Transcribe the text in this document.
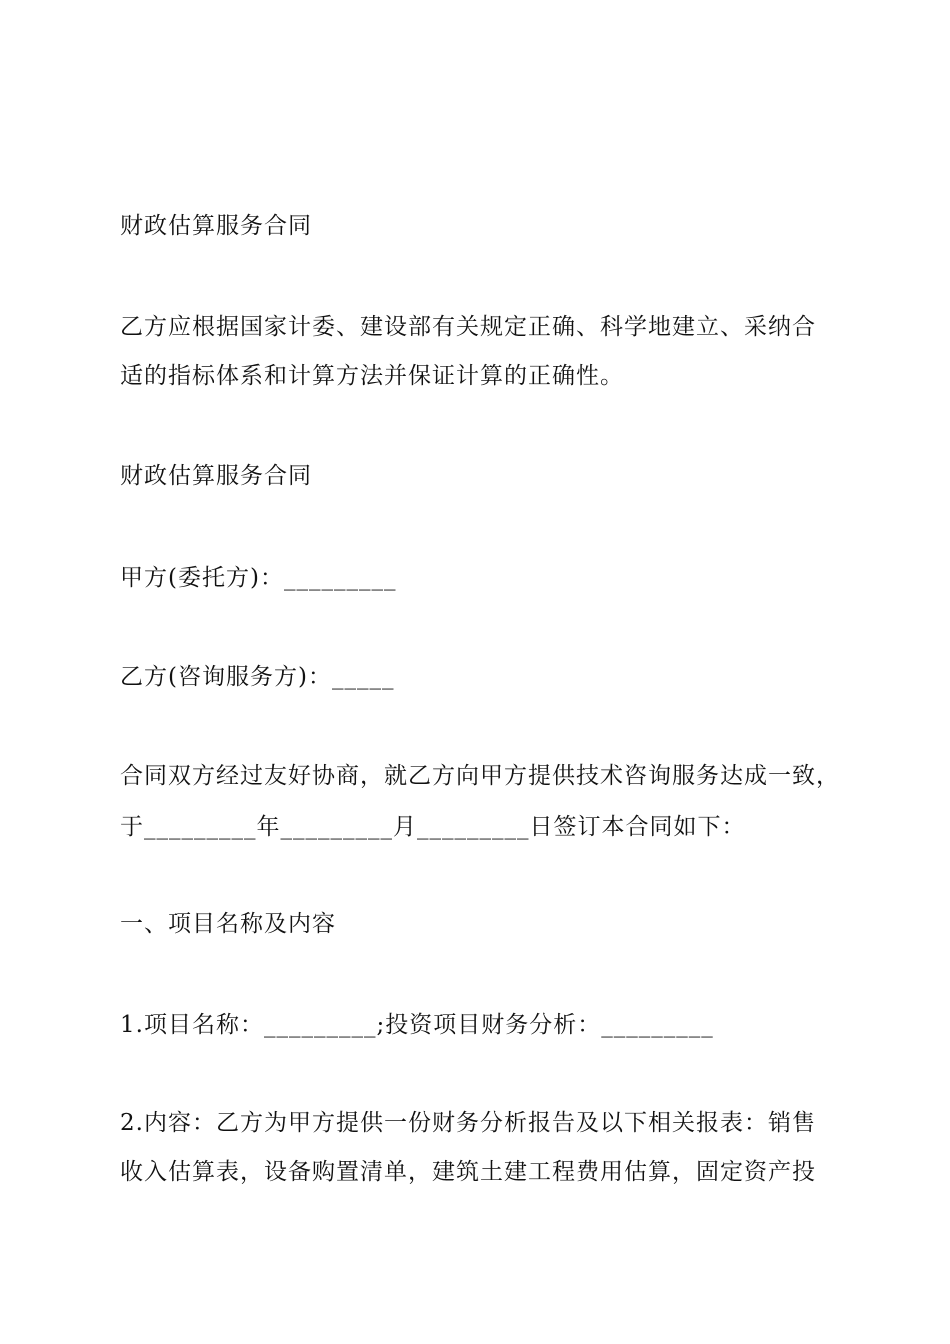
财政估算服务合同
乙方应根据国家计委、建设部有关规定正确、科学地建立、采纳合
适的指标体系和计算方法并保证计算的正确性。
财政估算服务合同
甲方(委托方)：_________
乙方(咨询服务方)：_____
合同双方经过友好协商，就乙方向甲方提供技术咨询服务达成一致，
于_________年_________月_________日签订本合同如下：
一、项目名称及内容
1.项目名称：_________;投资项目财务分析：_________
2.内容：乙方为甲方提供一份财务分析报告及以下相关报表：销售
收入估算表，设备购置清单，建筑土建工程费用估算，固定资产投
